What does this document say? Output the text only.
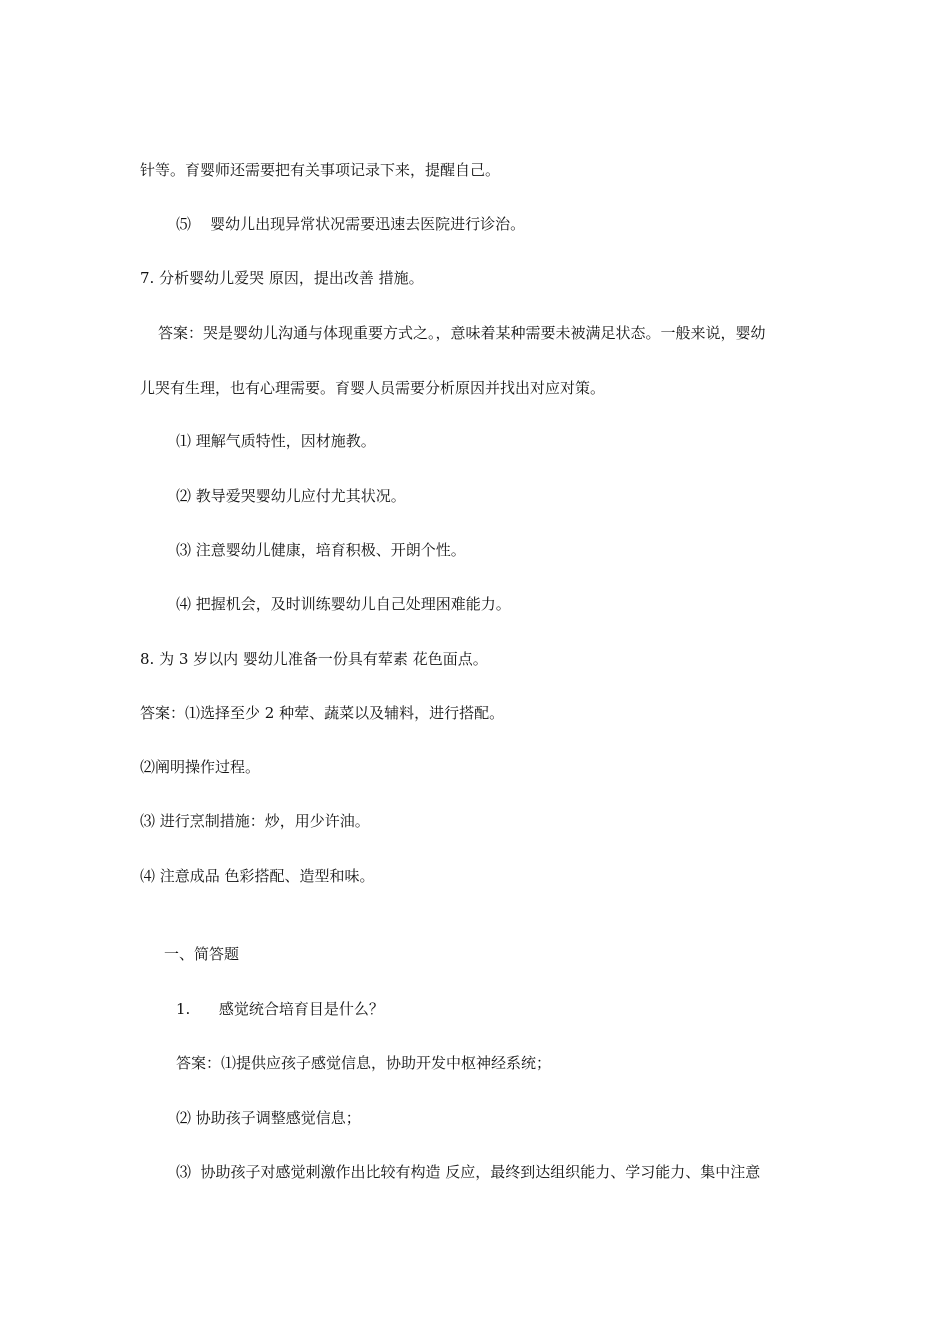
针等。育婴师还需要把有关事项记录下来，提醒自己。

⑸    婴幼儿出现异常状况需要迅速去医院进行诊治。

7. 分析婴幼儿爱哭 原因，提出改善 措施。

答案：哭是婴幼儿沟通与体现重要方式之。，意味着某种需要未被满足状态。一般来说，婴幼

儿哭有生理，也有心理需要。育婴人员需要分析原因并找出对应对策。

⑴ 理解气质特性，因材施教。

⑵ 教导爱哭婴幼儿应付尤其状况。

⑶ 注意婴幼儿健康，培育积极、开朗个性。

⑷ 把握机会，及时训练婴幼儿自己处理困难能力。

8. 为 3 岁以内 婴幼儿准备一份具有荤素 花色面点。

答案：⑴选择至少 2 种荤、蔬菜以及辅料，进行搭配。

⑵阐明操作过程。

⑶ 进行烹制措施：炒，用少许油。

⑷ 注意成品 色彩搭配、造型和味。

一、简答题

1.      感觉统合培育目是什么？

答案：⑴提供应孩子感觉信息，协助开发中枢神经系统；

⑵ 协助孩子调整感觉信息；

⑶  协助孩子对感觉刺激作出比较有构造 反应，最终到达组织能力、学习能力、集中注意
